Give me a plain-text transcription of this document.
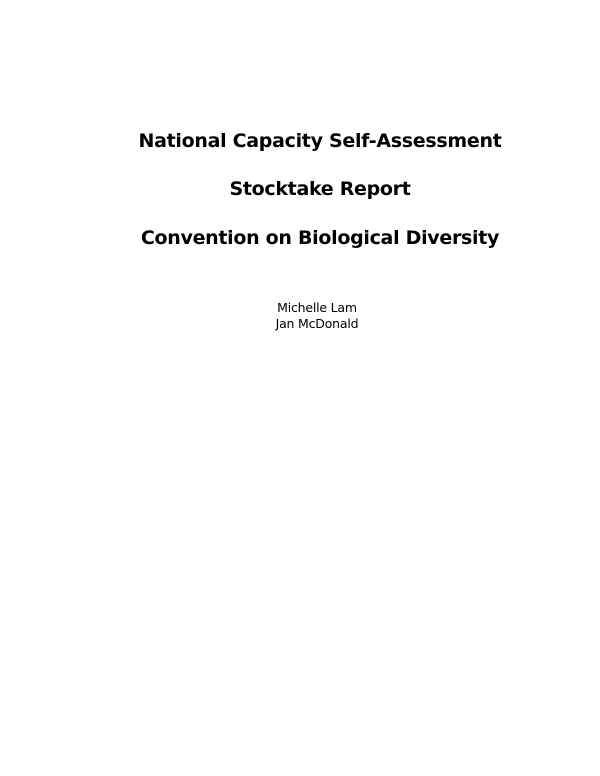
National Capacity Self-Assessment
Stocktake Report
Convention on Biological Diversity

Michelle Lam

Jan McDonald
